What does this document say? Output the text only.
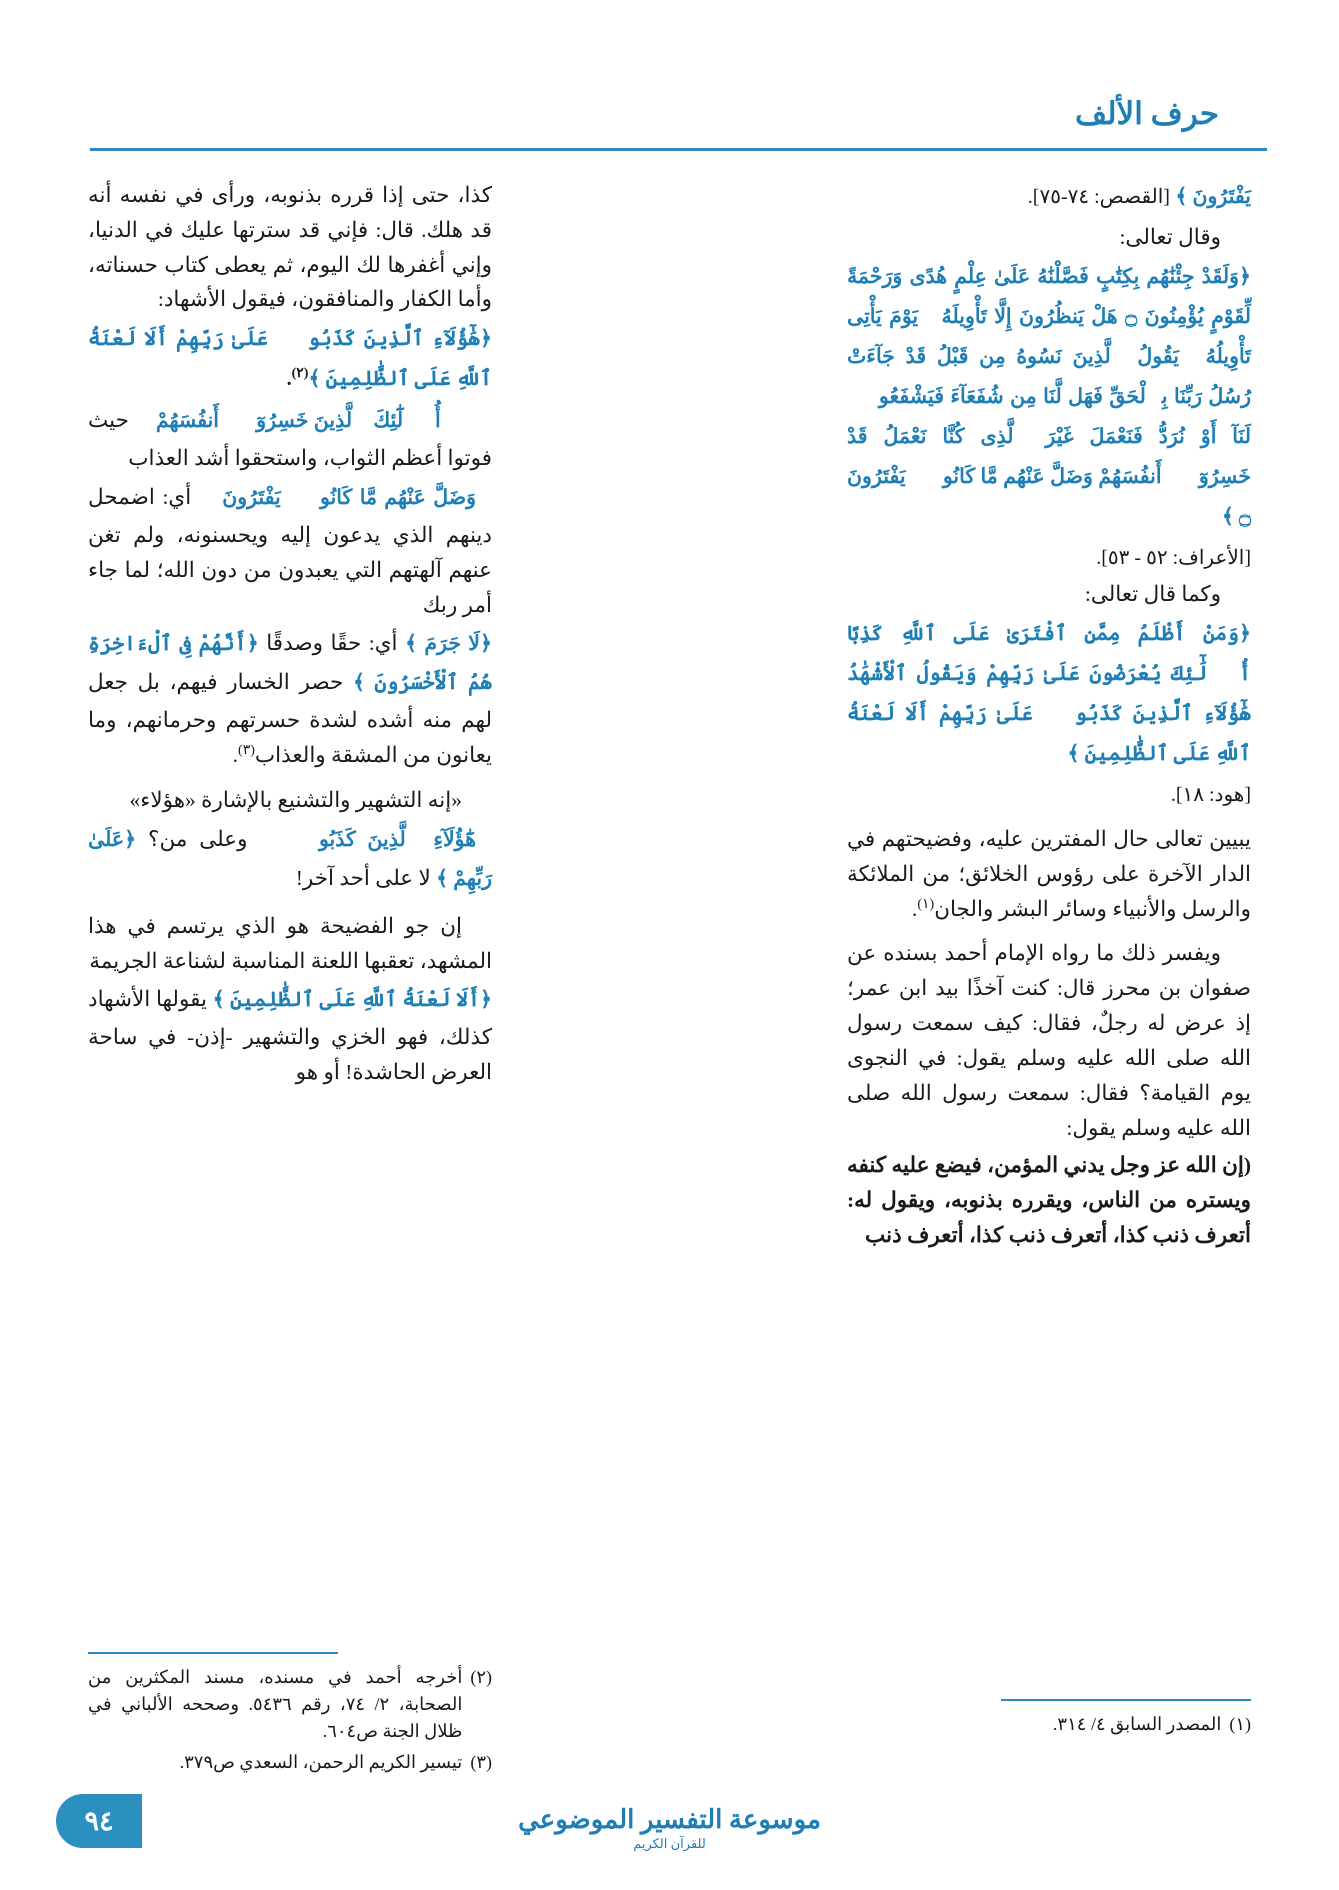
حرف الألف

يَفْتَرُونَ ﴾ [القصص: ٧٤-٧٥].

وقال تعالى:

﴿وَلَقَدْ جِئْنَٰهُم بِكِتَٰبٍ فَصَّلْنَٰهُ عَلَىٰ عِلْمٍ هُدًى وَرَحْمَةً لِّقَوْمٍ يُؤْمِنُونَ ۝ هَلْ يَنظُرُونَ إِلَّا تَأْوِيلَهُۥ يَوْمَ يَأْتِى تَأْوِيلُهُۥ يَقُولُ ٱلَّذِينَ نَسُوهُ مِن قَبْلُ قَدْ جَآءَتْ رُسُلُ رَبِّنَا بِٱلْحَقِّ فَهَل لَّنَا مِن شُفَعَآءَ فَيَشْفَعُوا۟ لَنَآ أَوْ نُرَدُّ فَنَعْمَلَ غَيْرَ ٱلَّذِى كُنَّا نَعْمَلُ قَدْ خَسِرُوٓا۟ أَنفُسَهُمْ وَضَلَّ عَنْهُم مَّا كَانُوا۟ يَفْتَرُونَ ۝ ﴾

[الأعراف: ٥٢ - ٥٣].

وكما قال تعالى:

﴿وَمَنْ أَظْلَمُ مِمَّنِ ٱفْتَرَىٰ عَلَى ٱللَّهِ كَذِبًا أُو۟لَٰٓئِكَ يُعْرَضُونَ عَلَىٰ رَبِّهِمْ وَيَقُولُ ٱلْأَشْهَٰدُ هَٰٓؤُلَآءِ ٱلَّذِينَ كَذَبُوا۟ عَلَىٰ رَبِّهِمْ أَلَا لَعْنَةُ ٱللَّهِ عَلَى ٱلظَّٰلِمِينَ ﴾

[هود: ١٨].

يبيين تعالى حال المفترين عليه، وفضيحتهم في الدار الآخرة على رؤوس الخلائق؛ من الملائكة والرسل والأنبياء وسائر البشر والجان$^{(١)}$.

ويفسر ذلك ما رواه الإمام أحمد بسنده عن صفوان بن محرز قال: كنت آخذًا بيد ابن عمر؛ إذ عرض له رجلٌ، فقال: كيف سمعت رسول الله صلى الله عليه وسلم يقول: في النجوى يوم القيامة؟ فقال: سمعت رسول الله صلى الله عليه وسلم يقول:

(إن الله عز وجل يدني المؤمن، فيضع عليه كنفه ويستره من الناس، ويقرره بذنوبه، ويقول له: أتعرف ذنب كذا، أتعرف ذنب كذا، أتعرف ذنب

كذا، حتى إذا قرره بذنوبه، ورأى في نفسه أنه قد هلك. قال: فإني قد سترتها عليك في الدنيا، وإني أغفرها لك اليوم، ثم يعطى كتاب حسناته، وأما الكفار والمنافقون، فيقول الأشهاد:

﴿هَٰٓؤُلَآءِ ٱلَّذِينَ كَذَبُوا۟ عَلَىٰ رَبِّهِمْ أَلَا لَعْنَةُ ٱللَّهِ عَلَى ٱلظَّٰلِمِينَ ﴾$^{(٢)}$.

﴿ أُو۟لَٰٓئِكَ ٱلَّذِينَ خَسِرُوٓا۟ أَنفُسَهُمْ ﴾ حيث فوتوا أعظم الثواب، واستحقوا أشد العذاب

﴿وَضَلَّ عَنْهُم مَّا كَانُوا۟ يَفْتَرُونَ ﴾ أي: اضمحل دينهم الذي يدعون إليه ويحسنونه، ولم تغن عنهم آلهتهم التي يعبدون من دون الله؛ لما جاء أمر ربك

﴿لَا جَرَمَ ﴾ أي: حقًا وصدقًا ﴿أَنَّهُمْ فِى ٱلْءَاخِرَةِ هُمُ ٱلْأَخْسَرُونَ ﴾ حصر الخسار فيهم، بل جعل لهم منه أشده لشدة حسرتهم وحرمانهم، وما يعانون من المشقة والعذاب$^{(٣)}$.

«إنه التشهير والتشنيع بالإشارة «هؤلاء»

﴿هَٰٓؤُلَآءِ ٱلَّذِينَ كَذَبُوا۟ ﴾ وعلى من؟ ﴿عَلَىٰ رَبِّهِمْ ﴾ لا على أحد آخر!

إن جو الفضيحة هو الذي يرتسم في هذا المشهد، تعقبها اللعنة المناسبة لشناعة الجريمة

﴿أَلَا لَعْنَةُ ٱللَّهِ عَلَى ٱلظَّٰلِمِينَ ﴾ يقولها الأشهاد كذلك، فهو الخزي والتشهير -إذن- في ساحة العرض الحاشدة! أو هو

(١)
المصدر السابق ٤/ ٣١٤.
(٢)
أخرجه أحمد في مسنده، مسند المكثرين من الصحابة، ٢/ ٧٤، رقم ٥٤٣٦. وصححه الألباني في ظلال الجنة ص٦٠٤.
(٣)
تيسير الكريم الرحمن، السعدي ص٣٧٩.
موسوعة التفسير الموضوعي
للقرآن الكريم
٩٤
